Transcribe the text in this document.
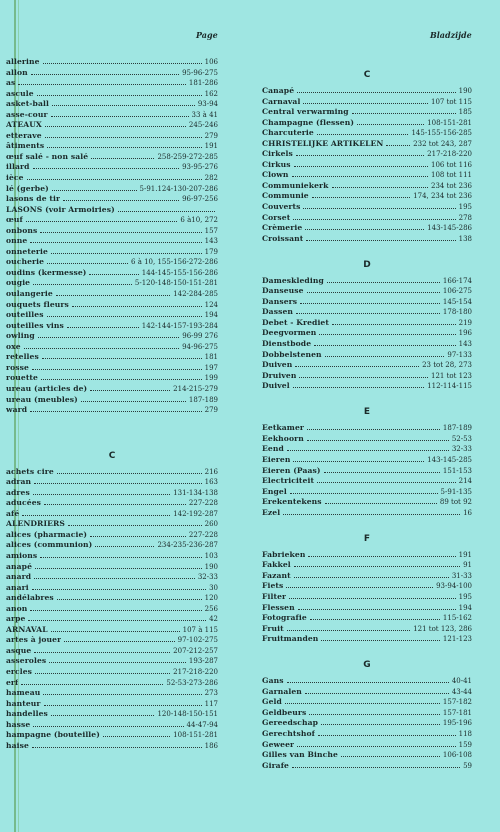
Page	Bladzijde
allerine	106
allon	95-96-275
as	181-286
ascule	162
asket-ball	93-94
asse-cour	33 à 41
ATEAUX	245-246
etterave	279
âtiments	191
œuf salé - non salé	258-259-272-285
illard	93-95-276
ièce	282
lé (gerbe)	5-91.124-130-207-286
lasons de tir	96-97-256
LASONS (voir Armoiries)
œuf	6 à10, 272
onbons	157
onne	143
onneterie	179
oucherie	6 à 10, 155-156-272-286
oudins (kermesse)	144-145-155-156-286
ougie	5-120-148-150-151-281
oulangerie	142-284-285
ouquets fleurs	124
outeilles	194
outeilles vins	142-144-157-193-284
owling	96-99 276
oxe	94-96-275
retelles	181
rosse	197
rouette	199
ureau (articles de)	214-215-279
ureau (meubles)	187-189
ward	279
C
achets cire	216
adran	163
adres	131-134-138
aducées	227-228
afé	142-192-287
ALENDRIERS	260
alices (pharmacie)	227-228
alices (communion)	234-235-236-287
amions	103
anapé	190
anard	32-33
anari	30
andélabres	120
anon	256
arpe	42
ARNAVAL	107 à 115
artes à jouer	97-102-275
asque	207-212-257
asseroles	193-287
ercles	217-218-220
erf	52-53-273-286
hameau	273
hanteur	117
handelles	120-148-150-151
hasse	44-47-94
hampagne (bouteille)	108-151-281
haise	186
C
Canapé	190
Carnaval	107 tot 115
Central verwarming	185
Champagne (flessen)	108-151-281
Charcuterie	145-155-156-285
CHRISTELIJKE ARTIKELEN	232 tot 243, 287
Cirkels	217-218-220
Cirkus	106 tot 116
Clown	108 tot 111
Communiekerk	234 tot 236
Communie	174, 234 tot 236
Couverts	195
Corset	278
Crèmerie	143-145-286
Croissant	138
D
Dameskleding	166-174
Danseuse	106-275
Dansers	145-154
Dassen	178-180
Debet - Krediet	219
Deegvormen	196
Dienstbode	143
Dobbelstenen	97-133
Duiven	23 tot 28, 273
Druiven	121 tot 123
Duivel	112-114-115
E
Eetkamer	187-189
Eekhoorn	52-53
Eend	32-33
Eieren	143-145-285
Eieren (Paas)	151-153
Electriciteit	214
Engel	5-91-135
Erekentekens	89 tot 92
Ezel	16
F
Fabrieken	191
Fakkel	91
Fazant	31-33
Fiets	93-94-100
Filter	195
Flessen	194
Fotografie	115-162
Fruit	121 tot 123, 286
Fruitmanden	121-123
G
Gans	40-41
Garnalen	43-44
Geld	157-182
Geldbeurs	157-181
Gereedschap	195-196
Gerechtshof	118
Geweer	159
Gilles van Binche	106-108
Girafe	59
